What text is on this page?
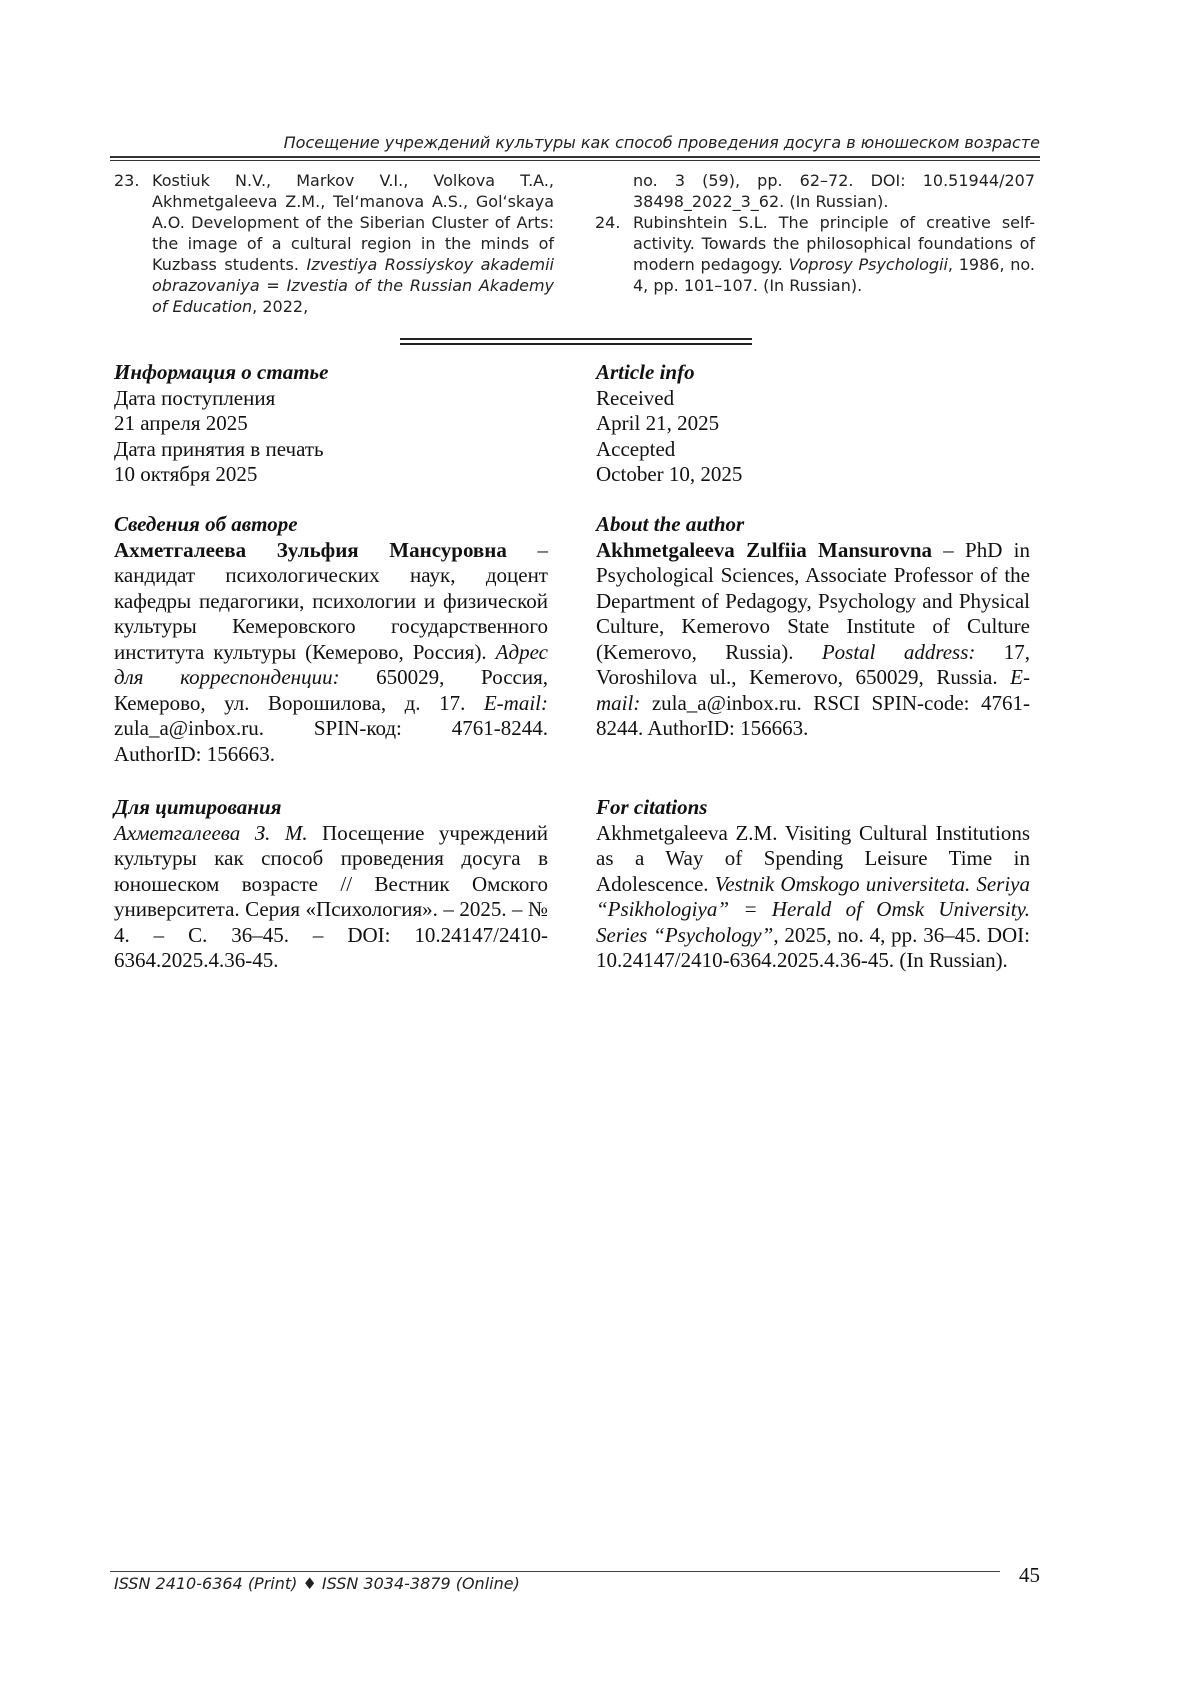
Посещение учреждений культуры как способ проведения досуга в юношеском возрасте
23. Kostiuk N.V., Markov V.I., Volkova T.A., Akhmetgaleeva Z.M., Tel‘manova A.S., Gol‘skaya A.O. Development of the Siberian Cluster of Arts: the image of a cultural region in the minds of Kuzbass students. Izvestiya Rossiyskoy akademii obrazovaniya = Izvestia of the Russian Akademy of Education, 2022,
no. 3 (59), pp. 62–72. DOI: 10.51944/207 38498_2022_3_62. (In Russian).
24. Rubinshtein S.L. The principle of creative self-activity. Towards the philosophical foundations of modern pedagogy. Voprosy Psychologii, 1986, no. 4, pp. 101–107. (In Russian).
Информация о статье
Дата поступления
21 апреля 2025
Дата принятия в печать
10 октября 2025
Article info
Received
April 21, 2025
Accepted
October 10, 2025
Сведения об авторе
Ахметгалеева Зульфия Мансуровна – кандидат психологических наук, доцент кафедры педагогики, психологии и физической культуры Кемеровского государственного института культуры (Кемерово, Россия). Адрес для корреспонденции: 650029, Россия, Кемерово, ул. Ворошилова, д. 17. E-mail: zula_a@inbox.ru. SPIN-код: 4761-8244. AuthorID: 156663.
About the author
Akhmetgaleeva Zulfiia Mansurovna – PhD in Psychological Sciences, Associate Professor of the Department of Pedagogy, Psychology and Physical Culture, Kemerovo State Institute of Culture (Kemerovo, Russia). Postal address: 17, Voroshilova ul., Kemerovo, 650029, Russia. E-mail: zula_a@inbox.ru. RSCI SPIN-code: 4761-8244. AuthorID: 156663.
Для цитирования
Ахметгалеева З. М. Посещение учреждений культуры как способ проведения досуга в юношеском возрасте // Вестник Омского университета. Серия «Психология». – 2025. – № 4. – С. 36–45. – DOI: 10.24147/2410-6364.2025.4.36-45.
For citations
Akhmetgaleeva Z.M. Visiting Cultural Institutions as a Way of Spending Leisure Time in Adolescence. Vestnik Omskogo universiteta. Seriya “Psikhologiya” = Herald of Omsk University. Series “Psychology”, 2025, no. 4, pp. 36–45. DOI: 10.24147/2410-6364.2025.4.36-45. (In Russian).
ISSN 2410-6364 (Print) ♦ ISSN 3034-3879 (Online)	45
